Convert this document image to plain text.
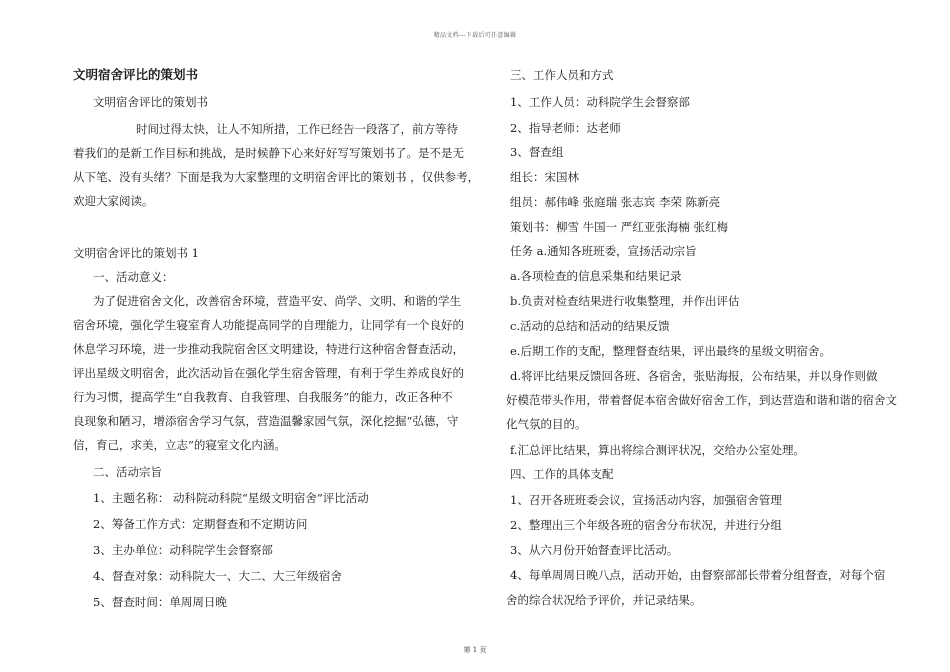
精品文档---下载后可任意编辑
文明宿舍评比的策划书
文明宿舍评比的策划书
时间过得太快，让人不知所措，工作已经告一段落了，前方等待
着我们的是新工作目标和挑战，是时候静下心来好好写写策划书了。是不是无
从下笔、没有头绪？下面是我为大家整理的文明宿舍评比的策划书 ，仅供参考，
欢迎大家阅读。
文明宿舍评比的策划书 1
一、活动意义：
为了促进宿舍文化，改善宿舍环境，营造平安、尚学、文明、和谐的学生
宿舍环境，强化学生寝室育人功能提高同学的自理能力，让同学有一个良好的
休息学习环境，进一步推动我院宿舍区文明建设，特进行这种宿舍督查活动，
评出星级文明宿舍，此次活动旨在强化学生宿舍管理，有利于学生养成良好的
行为习惯，提高学生“自我教育、自我管理、自我服务”的能力，改正各种不
良现象和陋习，增添宿舍学习气氛，营造温馨家园气氛，深化挖掘“弘德，守
信，育己，求美，立志”的寝室文化内涵。
二、活动宗旨
1、主题名称： 动科院动科院“星级文明宿舍”评比活动
2、筹备工作方式：定期督查和不定期访问
3、主办单位：动科院学生会督察部
4、督查对象：动科院大一、大二、大三年级宿舍
5、督查时间：单周周日晚
三、工作人员和方式
1、工作人员：动科院学生会督察部
2、指导老师：达老师
3、督查组
组长：宋国林
组员：郝伟峰 张庭瑞 张志宾 李荣 陈新亮
策划书：柳雪 牛国一 严红亚张海楠 张红梅
任务 a.通知各班班委，宣扬活动宗旨
a.各项检查的信息采集和结果记录
b.负责对检查结果进行收集整理，并作出评估
c.活动的总结和活动的结果反馈
e.后期工作的支配，整理督查结果，评出最终的星级文明宿舍。
d.将评比结果反馈回各班、各宿舍，张贴海报，公布结果，并以身作则做
好模范带头作用，带着督促本宿舍做好宿舍工作，到达营造和谐和谐的宿舍文
化气氛的目的。
f.汇总评比结果，算出将综合测评状况，交给办公室处理。
四、工作的具体支配
1、召开各班班委会议，宣扬活动内容，加强宿舍管理
2、整理出三个年级各班的宿舍分布状况，并进行分组
3、从六月份开始督查评比活动。
4、每单周周日晚八点，活动开始，由督察部部长带着分组督查，对每个宿
舍的综合状况给予评价，并记录结果。
第 1 页
